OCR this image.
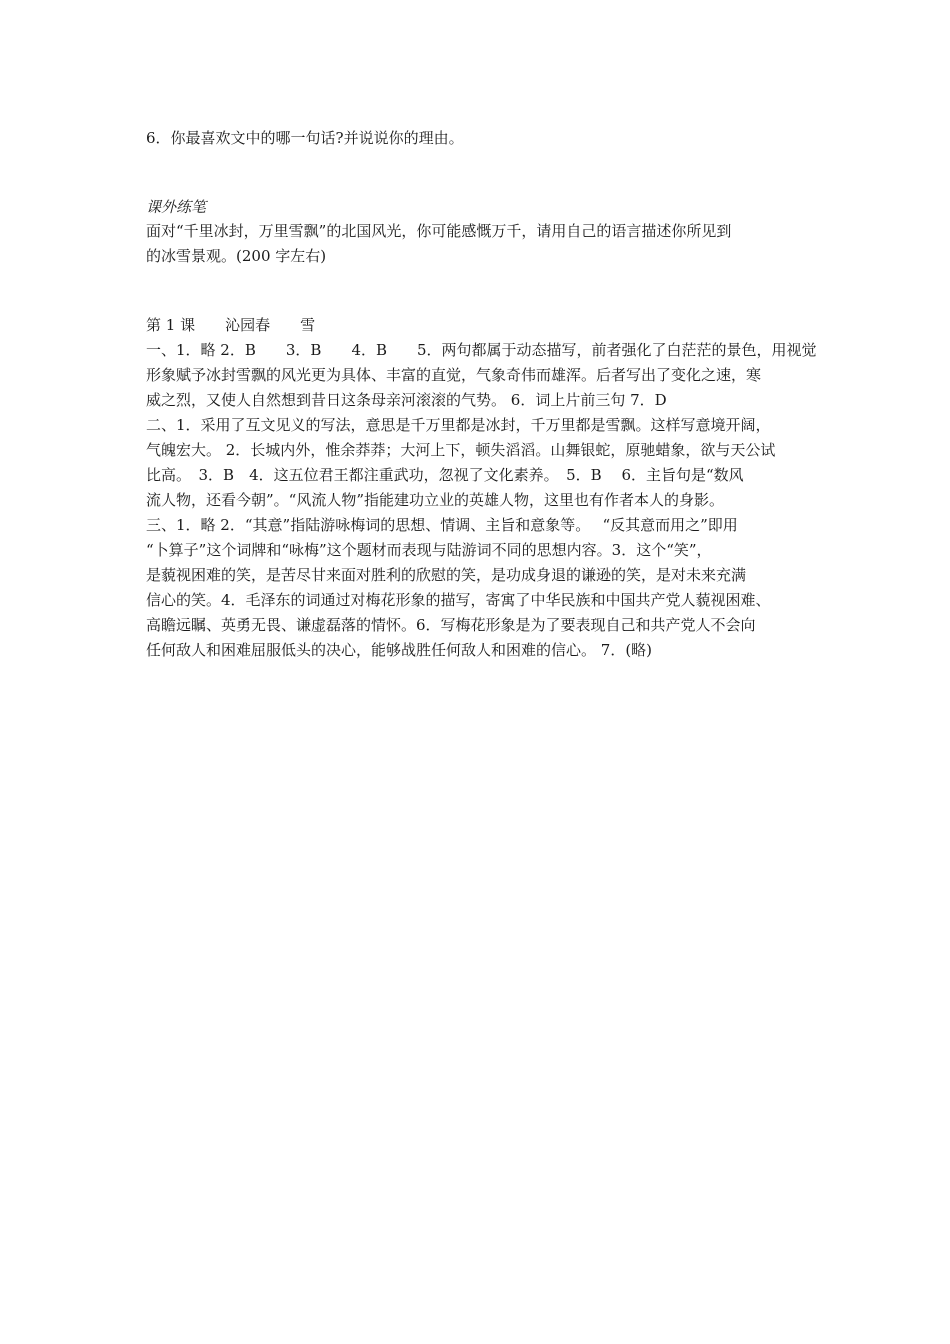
6．你最喜欢文中的哪一句话?并说说你的理由。
课外练笔
面对“千里冰封，万里雪飘”的北国风光，你可能感慨万千，请用自己的语言描述你所见到
的冰雪景观。(200 字左右)
第 1 课　　沁园春　　雪
一、1．略 2．B　　3．B　　4．B　　5．两句都属于动态描写，前者强化了白茫茫的景色，用视觉
形象赋予冰封雪飘的风光更为具体、丰富的直觉，气象奇伟而雄浑。后者写出了变化之速，寒
威之烈，又使人自然想到昔日这条母亲河滚滚的气势。 6．词上片前三句 7．D
二、1．采用了互文见义的写法，意思是千万里都是冰封，千万里都是雪飘。这样写意境开阔，
气魄宏大。 2．长城内外，惟余莽莽；大河上下，顿失滔滔。山舞银蛇，原驰蜡象，欲与天公试
比高。　3．B　4．这五位君王都注重武功，忽视了文化素养。　5．B　 6．主旨句是“数风
流人物，还看今朝”。“风流人物”指能建功立业的英雄人物，这里也有作者本人的身影。
三、1．略 2．“其意”指陆游咏梅词的思想、情调、主旨和意象等。　 “反其意而用之”即用
“卜算子”这个词牌和“咏梅”这个题材而表现与陆游词不同的思想内容。3．这个“笑”，
是藐视困难的笑，是苦尽甘来面对胜利的欣慰的笑，是功成身退的谦逊的笑，是对未来充满
信心的笑。4．毛泽东的词通过对梅花形象的描写，寄寓了中华民族和中国共产党人藐视困难、
高瞻远瞩、英勇无畏、谦虚磊落的情怀。6．写梅花形象是为了要表现自己和共产党人不会向
任何敌人和困难屈服低头的决心，能够战胜任何敌人和困难的信心。 7．(略)
